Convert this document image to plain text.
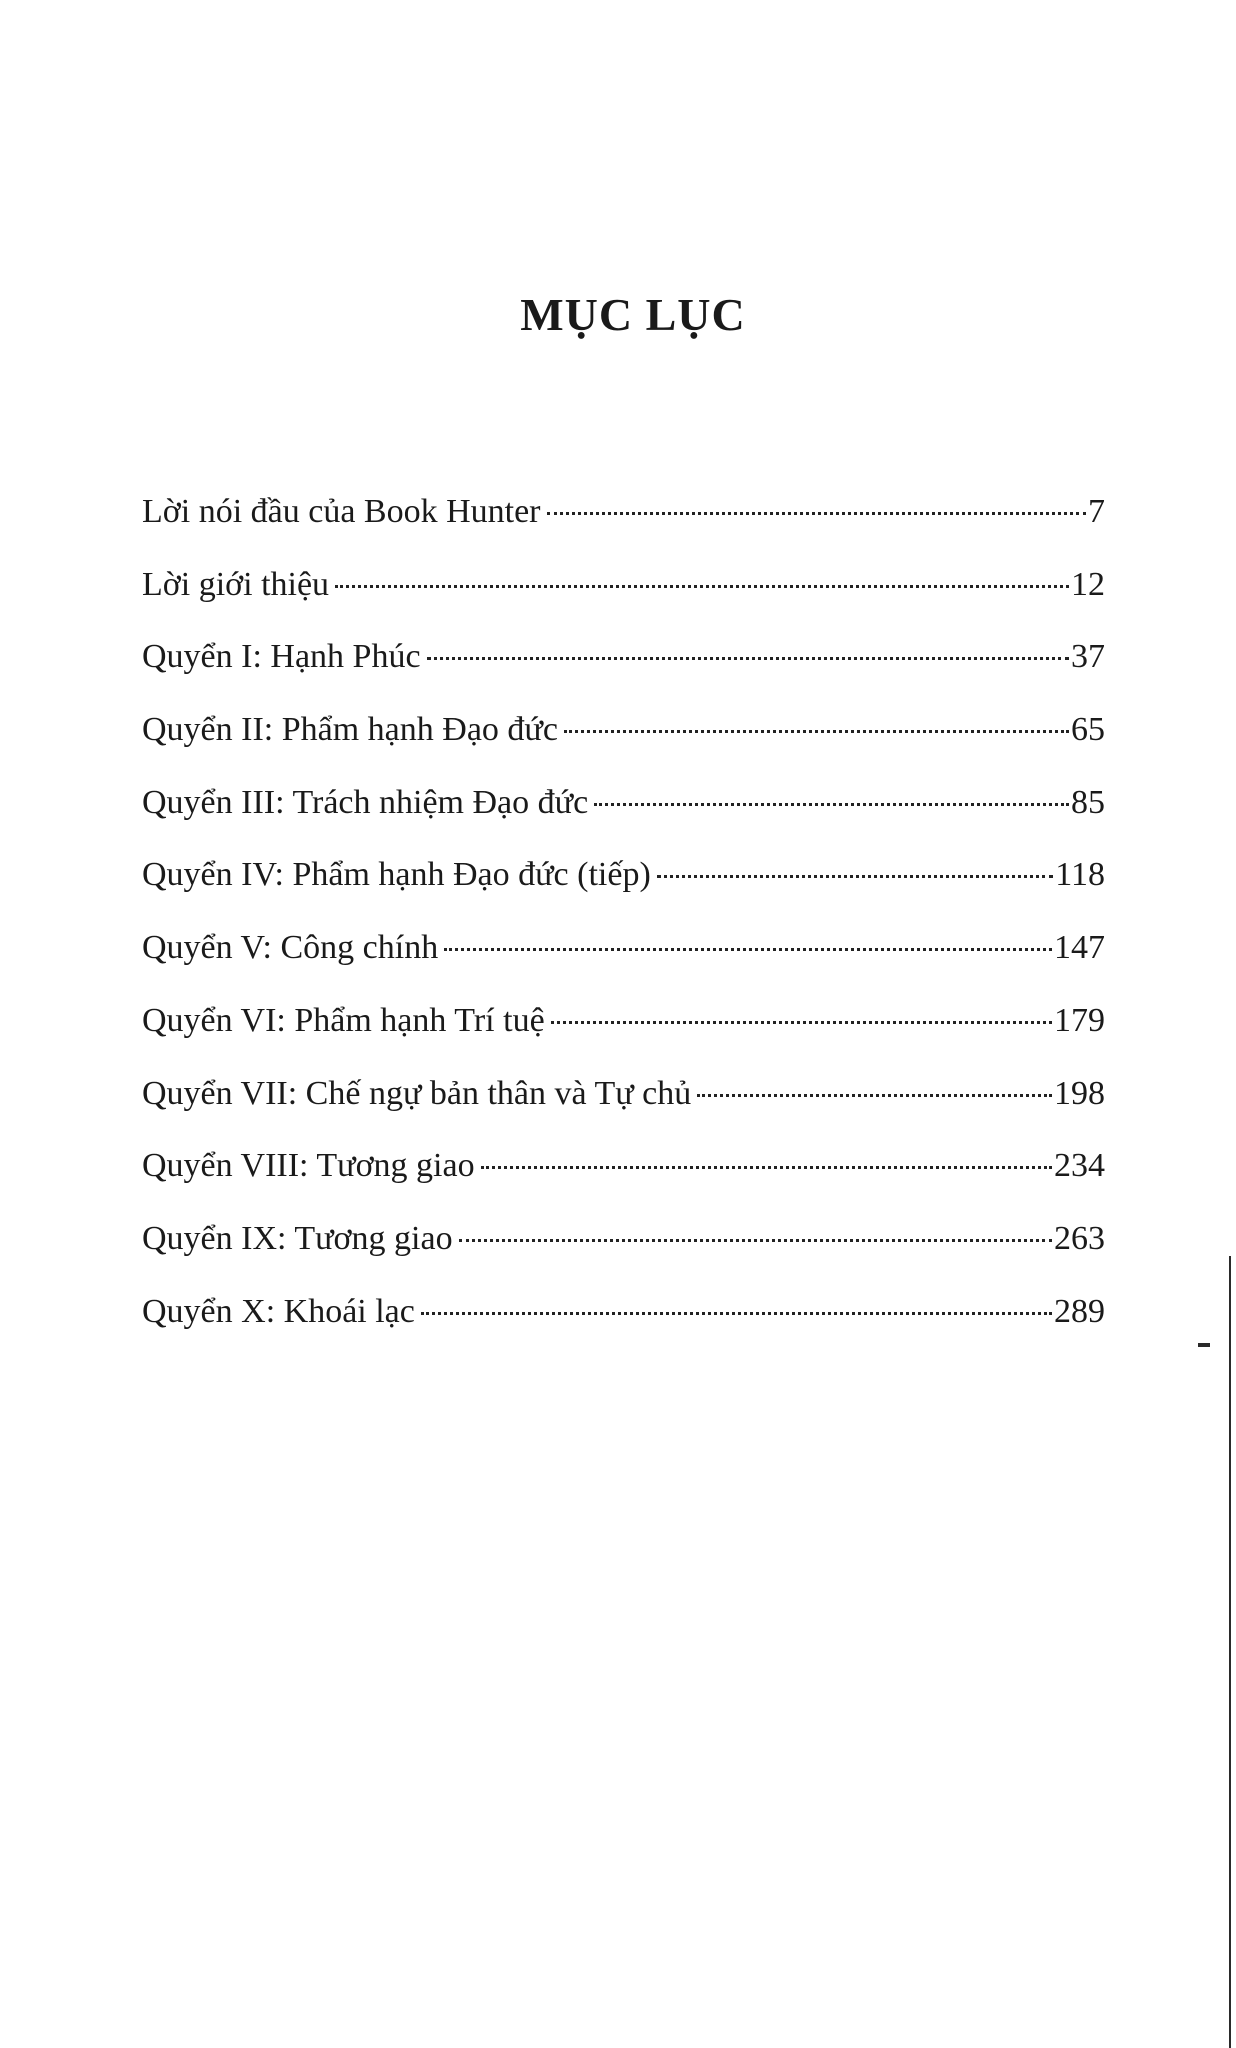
MỤC LỤC
Lời nói đầu của Book Hunter	7
Lời giới thiệu	12
Quyển I: Hạnh Phúc	37
Quyển II: Phẩm hạnh Đạo đức	65
Quyển III: Trách nhiệm Đạo đức	85
Quyển IV: Phẩm hạnh Đạo đức (tiếp)	118
Quyển V: Công chính	147
Quyển VI: Phẩm hạnh Trí tuệ	179
Quyển VII: Chế ngự bản thân và Tự chủ	198
Quyển VIII: Tương giao	234
Quyển IX: Tương giao	263
Quyển X: Khoái lạc	289
